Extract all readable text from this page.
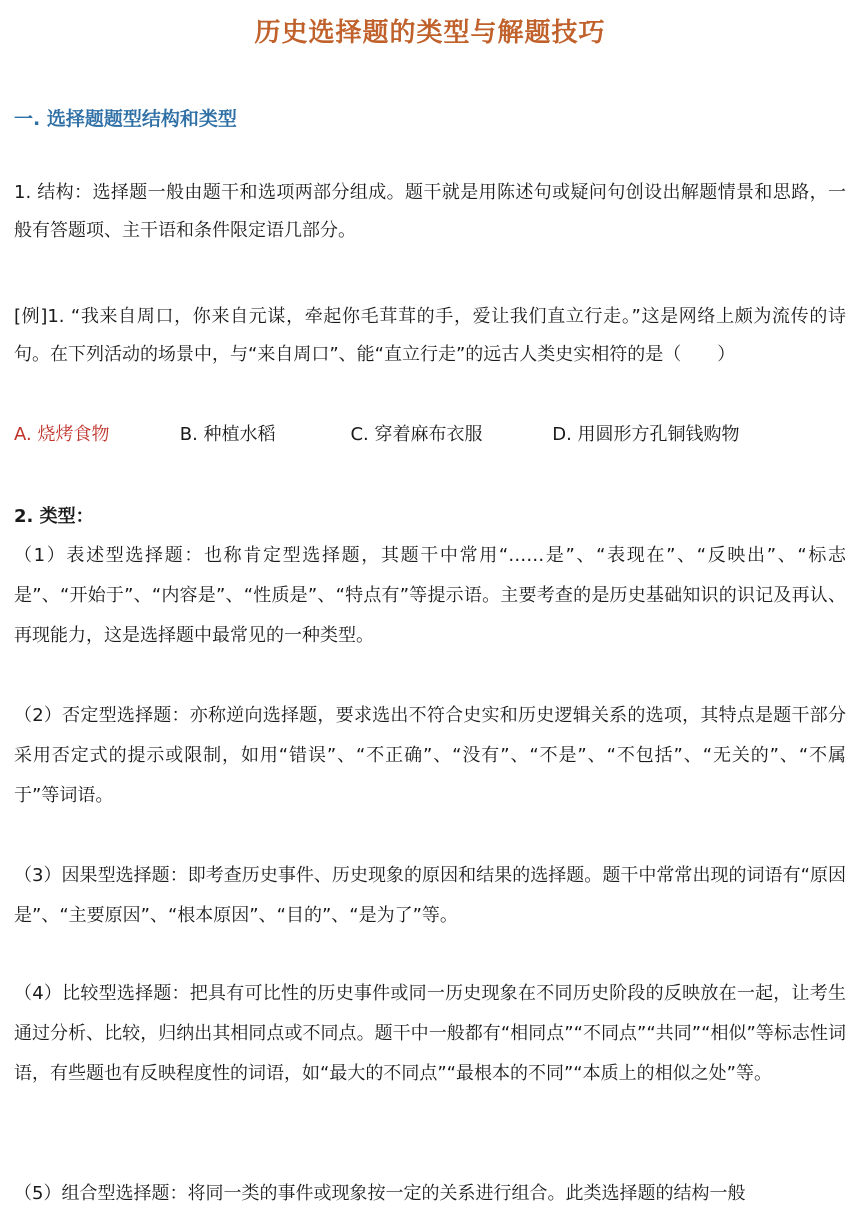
历史选择题的类型与解题技巧
一. 选择题题型结构和类型
1. 结构：选择题一般由题干和选项两部分组成。题干就是用陈述句或疑问句创设出解题情景和思路，一般有答题项、主干语和条件限定语几部分。
[例]1. “我来自周口，你来自元谋，牵起你毛茸茸的手，爱让我们直立行走。”这是网络上颇为流传的诗句。在下列活动的场景中，与“来自周口”、能“直立行走”的远古人类史实相符的是（　　）
A. 烧烤食物	B. 种植水稻	C. 穿着麻布衣服	D. 用圆形方孔铜钱购物
2. 类型：
（1）表述型选择题：也称肯定型选择题，其题干中常用“……是”、“表现在”、“反映出”、“标志是”、“开始于”、“内容是”、“性质是”、“特点有”等提示语。主要考查的是历史基础知识的识记及再认、再现能力，这是选择题中最常见的一种类型。
（2）否定型选择题：亦称逆向选择题，要求选出不符合史实和历史逻辑关系的选项，其特点是题干部分采用否定式的提示或限制，如用“错误”、“不正确”、“没有”、“不是”、“不包括”、“无关的”、“不属于”等词语。
（3）因果型选择题：即考查历史事件、历史现象的原因和结果的选择题。题干中常常出现的词语有“原因是”、“主要原因”、“根本原因”、“目的”、“是为了”等。
（4）比较型选择题：把具有可比性的历史事件或同一历史现象在不同历史阶段的反映放在一起，让考生通过分析、比较，归纳出其相同点或不同点。题干中一般都有“相同点”“不同点”“共同”“相似”等标志性词语，有些题也有反映程度性的词语，如“最大的不同点”“最根本的不同”“本质上的相似之处”等。
（5）组合型选择题：将同一类的事件或现象按一定的关系进行组合。此类选择题的结构一般
